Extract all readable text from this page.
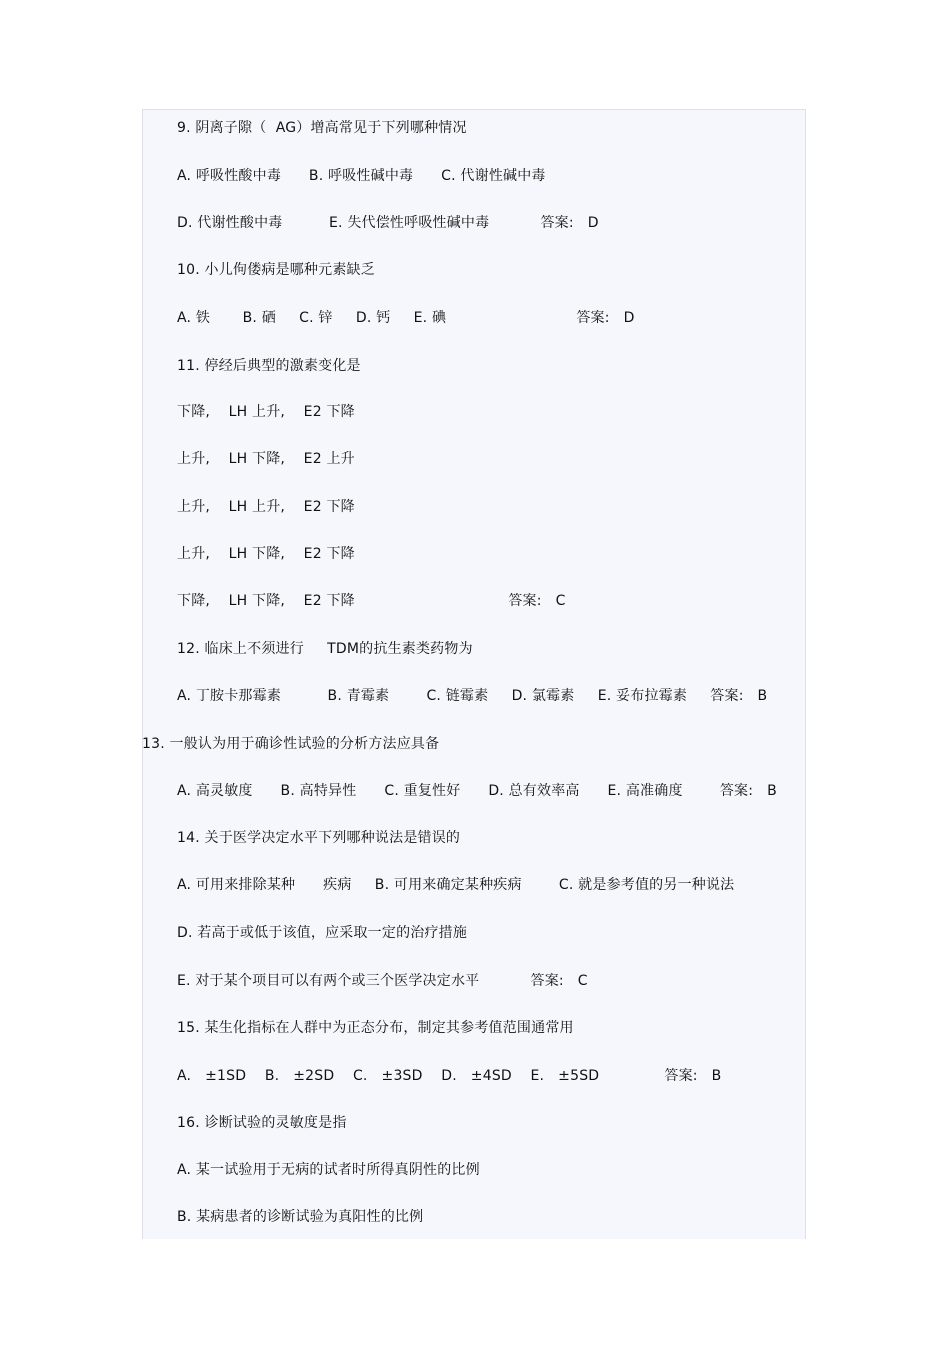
9. 阴离子隙（  AG）增高常见于下列哪种情况
A. 呼吸性酸中毒      B. 呼吸性碱中毒      C. 代谢性碱中毒
D. 代谢性酸中毒          E. 失代偿性呼吸性碱中毒           答案:   D
10. 小儿佝偻病是哪种元素缺乏
A. 铁       B. 硒     C. 锌     D. 钙     E. 碘                            答案:   D
11. 停经后典型的激素变化是
下降,    LH 上升,    E2 下降
上升,    LH 下降,    E2 上升
上升,    LH 上升,    E2 下降
上升,    LH 下降,    E2 下降
下降,    LH 下降,    E2 下降                                 答案:   C
12. 临床上不须进行     TDM的抗生素类药物为
A. 丁胺卡那霉素          B. 青霉素        C. 链霉素     D. 氯霉素     E. 妥布拉霉素     答案:   B
13. 一般认为用于确诊性试验的分析方法应具备
A. 高灵敏度      B. 高特异性      C. 重复性好      D. 总有效率高      E. 高准确度        答案:   B
14. 关于医学决定水平下列哪种说法是错误的
A. 可用来排除某种      疾病     B. 可用来确定某种疾病        C. 就是参考值的另一种说法
D. 若高于或低于该值，应采取一定的治疗措施
E. 对于某个项目可以有两个或三个医学决定水平           答案:   C
15. 某生化指标在人群中为正态分布，制定其参考值范围通常用
A.   ±1SD    B.   ±2SD    C.   ±3SD    D.   ±4SD    E.   ±5SD              答案:   B
16. 诊断试验的灵敏度是指
A. 某一试验用于无病的试者时所得真阴性的比例
B. 某病患者的诊断试验为真阳性的比例
